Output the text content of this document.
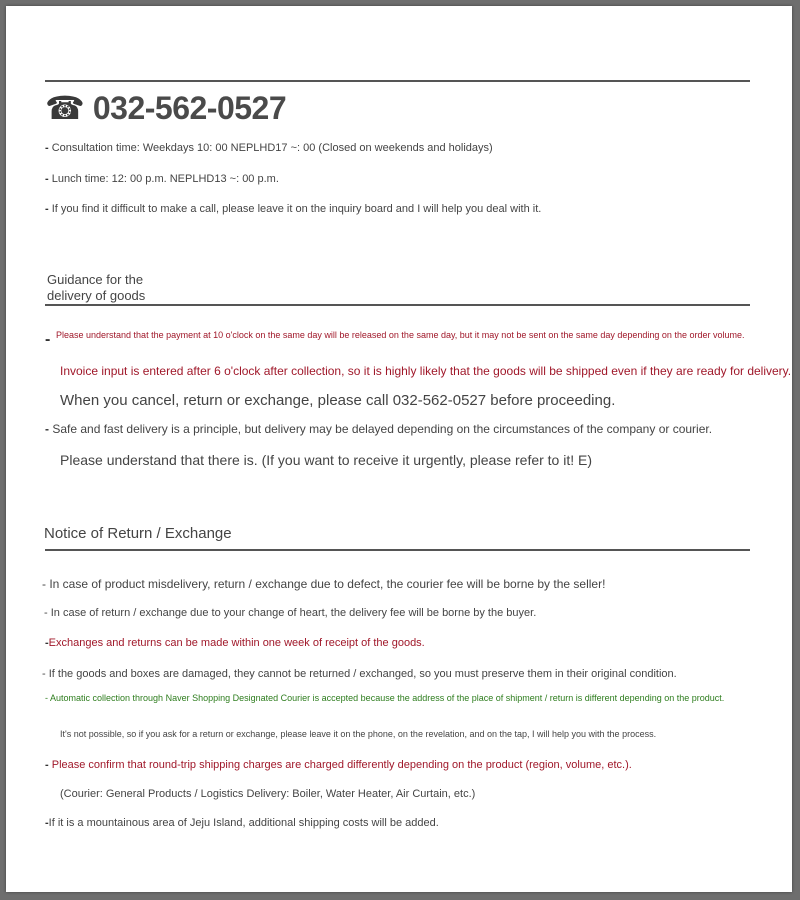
☎ 032-562-0527
- Consultation time: Weekdays 10: 00 NEPLHD17 ~: 00 (Closed on weekends and holidays)
- Lunch time: 12: 00 p.m. NEPLHD13 ~: 00 p.m.
- If you find it difficult to make a call, please leave it on the inquiry board and I will help you deal with it.
Guidance for the
delivery of goods
- Please understand that the payment at 10 o'clock on the same day will be released on the same day, but it may not be sent on the same day depending on the order volume.
Invoice input is entered after 6 o'clock after collection, so it is highly likely that the goods will be shipped even if they are ready for delivery.
When you cancel, return or exchange, please call 032-562-0527 before proceeding.
- Safe and fast delivery is a principle, but delivery may be delayed depending on the circumstances of the company or courier.
Please understand that there is. (If you want to receive it urgently, please refer to it! E)
Notice of Return / Exchange
- In case of product misdelivery, return / exchange due to defect, the courier fee will be borne by the seller!
- In case of return / exchange due to your change of heart, the delivery fee will be borne by the buyer.
-Exchanges and returns can be made within one week of receipt of the goods.
- If the goods and boxes are damaged, they cannot be returned / exchanged, so you must preserve them in their original condition.
- Automatic collection through Naver Shopping Designated Courier is accepted because the address of the place of shipment / return is different depending on the product.
It's not possible, so if you ask for a return or exchange, please leave it on the phone, on the revelation, and on the tap, I will help you with the process.
- Please confirm that round-trip shipping charges are charged differently depending on the product (region, volume, etc.).
(Courier: General Products / Logistics Delivery: Boiler, Water Heater, Air Curtain, etc.)
-If it is a mountainous area of Jeju Island, additional shipping costs will be added.
